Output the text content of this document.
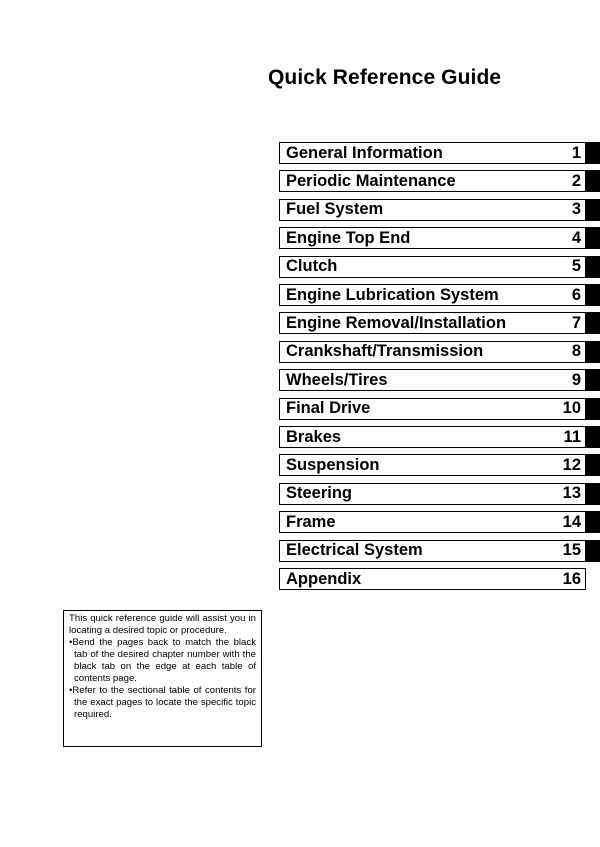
Quick Reference Guide
General Information	1
Periodic Maintenance	2
Fuel System	3
Engine Top End	4
Clutch	5
Engine Lubrication System	6
Engine Removal/Installation	7
Crankshaft/Transmission	8
Wheels/Tires	9
Final Drive	10
Brakes	11
Suspension	12
Steering	13
Frame	14
Electrical System	15
Appendix	16

This quick reference guide will assist you in locating a desired topic or procedure.

•Bend the pages back to match the black tab of the desired chapter number with the black tab on the edge at each table of contents page.

•Refer to the sectional table of contents for the exact pages to locate the specific topic required.
